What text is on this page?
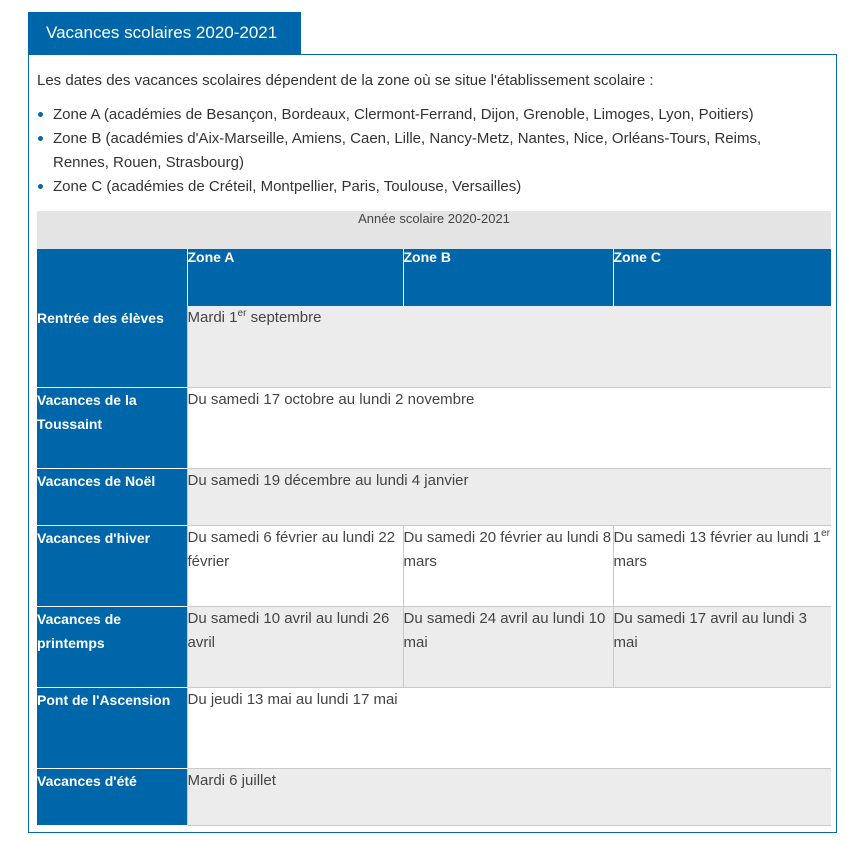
Vacances scolaires 2020-2021
Les dates des vacances scolaires dépendent de la zone où se situe l'établissement scolaire :
Zone A (académies de Besançon, Bordeaux, Clermont-Ferrand, Dijon, Grenoble, Limoges, Lyon, Poitiers)
Zone B (académies d'Aix-Marseille, Amiens, Caen, Lille, Nancy-Metz, Nantes, Nice, Orléans-Tours, Reims, Rennes, Rouen, Strasbourg)
Zone C (académies de Créteil, Montpellier, Paris, Toulouse, Versailles)
Année scolaire 2020-2021			
	Zone A	Zone B	Zone C
Rentrée des élèves	Mardi 1er septembre		
Vacances de la Toussaint	Du samedi 17 octobre au lundi 2 novembre		
Vacances de Noël	Du samedi 19 décembre au lundi 4 janvier		
Vacances d'hiver	Du samedi 6 février au lundi 22 février	Du samedi 20 février au lundi 8 mars	Du samedi 13 février au lundi 1er mars
Vacances de printemps	Du samedi 10 avril au lundi 26 avril	Du samedi 24 avril au lundi 10 mai	Du samedi 17 avril au lundi 3 mai
Pont de l'Ascension	Du jeudi 13 mai au lundi 17 mai		
Vacances d'été	Mardi 6 juillet		
